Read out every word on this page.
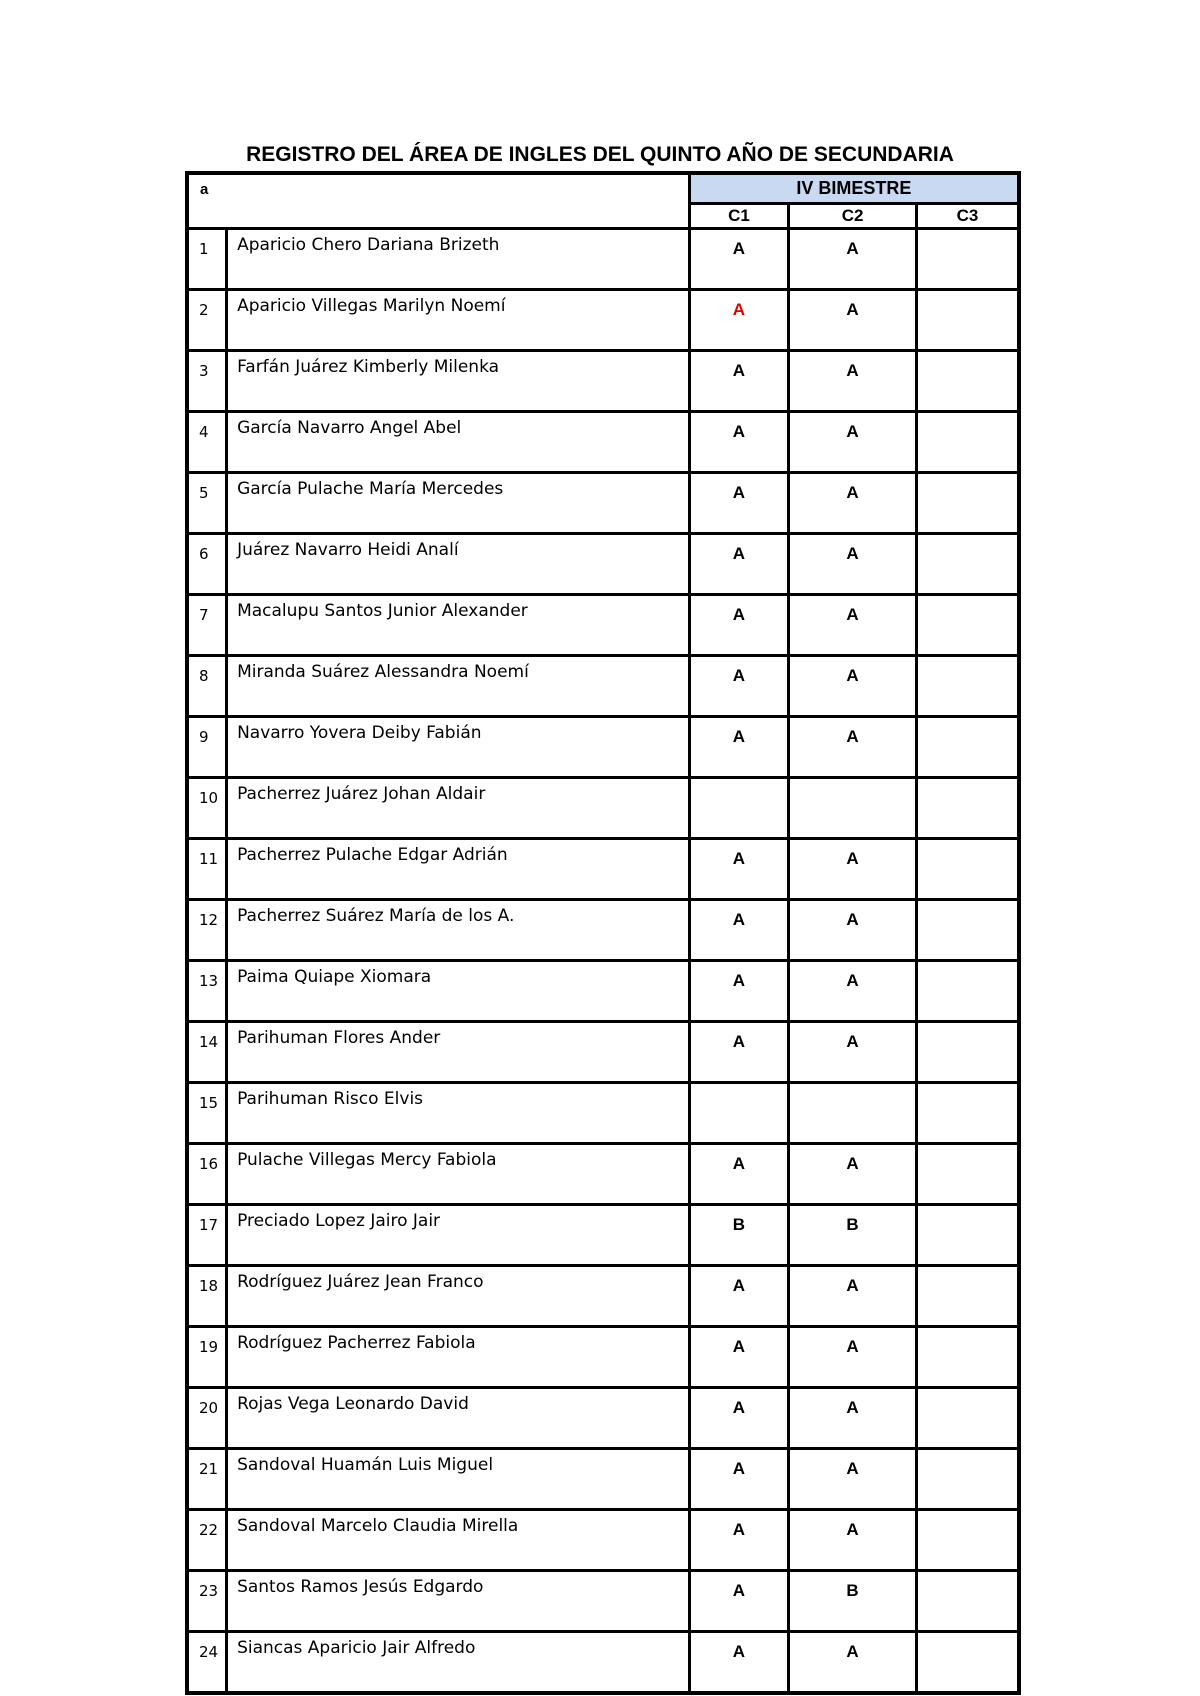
REGISTRO DEL ÁREA DE INGLES DEL QUINTO AÑO DE SECUNDARIA
a		IV BIMESTRE		
		C1	C2	C3
1	Aparicio Chero Dariana Brizeth	A	A	
2	Aparicio Villegas Marilyn Noemí	A	A	
3	Farfán Juárez Kimberly Milenka	A	A	
4	García Navarro Angel Abel	A	A	
5	García Pulache María Mercedes	A	A	
6	Juárez Navarro Heidi Analí	A	A	
7	Macalupu Santos Junior Alexander	A	A	
8	Miranda Suárez Alessandra Noemí	A	A	
9	Navarro Yovera Deiby Fabián	A	A	
10	Pacherrez Juárez Johan Aldair			
11	Pacherrez Pulache Edgar Adrián	A	A	
12	Pacherrez Suárez María de los A.	A	A	
13	Paima Quiape Xiomara	A	A	
14	Parihuman Flores Ander	A	A	
15	Parihuman Risco Elvis			
16	Pulache Villegas Mercy Fabiola	A	A	
17	Preciado Lopez Jairo Jair	B	B	
18	Rodríguez Juárez Jean Franco	A	A	
19	Rodríguez Pacherrez Fabiola	A	A	
20	Rojas Vega Leonardo David	A	A	
21	Sandoval Huamán Luis Miguel	A	A	
22	Sandoval Marcelo Claudia Mirella	A	A	
23	Santos Ramos Jesús Edgardo	A	B	
24	Siancas Aparicio Jair Alfredo	A	A	
